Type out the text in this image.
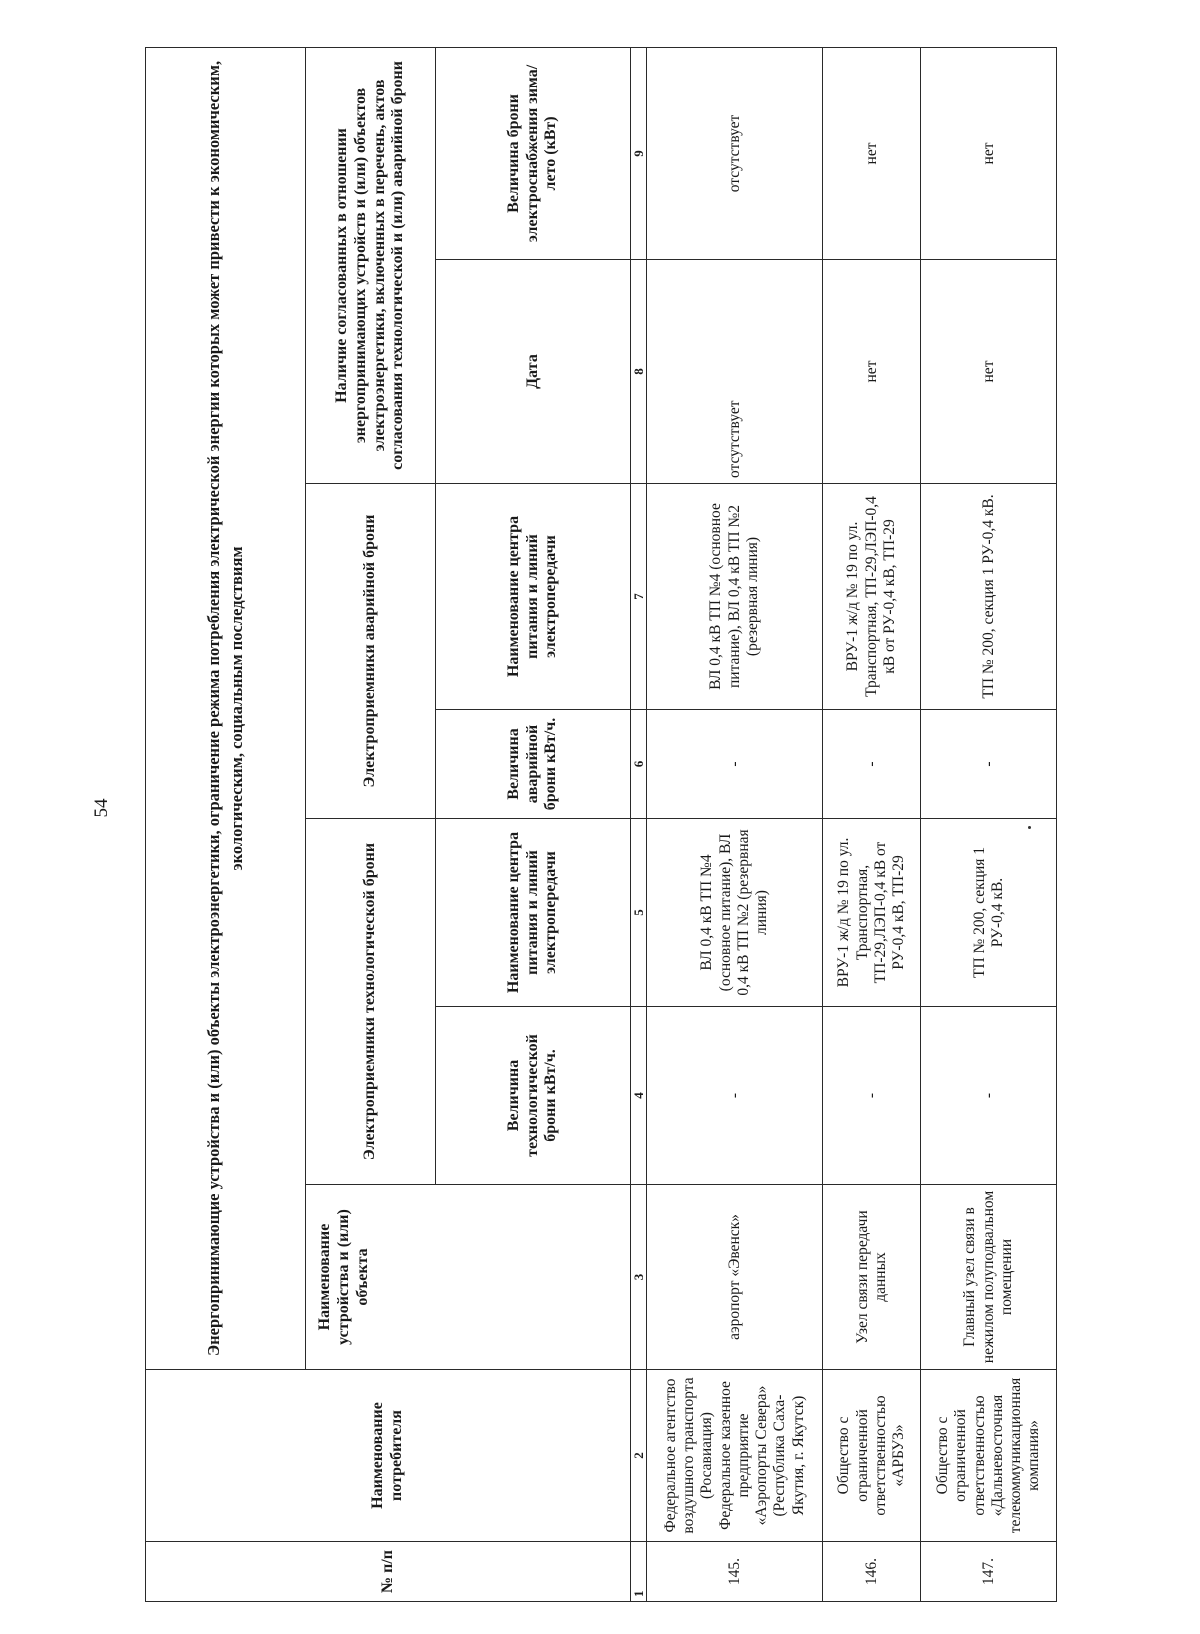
54
№ п/п	Наименование потребителя	Энергопринимающие устройства и (или) объекты электроэнергетики, ограничение режима потребления электрической энергии которых может привести к экономическим, экологическим, социальным последствиям						
		Наименование устройства и (или) объекта	Электроприемники технологической брони		Электроприемники аварийной брони		Наличие согласованных в отношении энергопринимающих устройств и (или) объектов электроэнергетики, включенных в перечень, актов согласования технологической и (или) аварийной брони	
			Величина технологической брони кВт/ч.	Наименование центра питания и линий электропередачи	Величина аварийной брони кВт/ч.	Наименование центра питания и линий электропередачи	Дата	Величина брони электроснабжения зима/лето (кВт)
1	2	3	4	5	6	7	8	9
145.	Федеральное агентство воздушного транспорта (Росавиация) Федеральное казенное предприятие «Аэропорты Севера» (Республика Саха-Якутия, г. Якутск)	аэропорт «Эвенск»	-	ВЛ 0,4 кВ ТП №4 (основное питание), ВЛ 0,4 кВ ТП №2 (резервная линия)	-	ВЛ 0,4 кВ ТП №4 (основное питание), ВЛ 0,4 кВ ТП №2 (резервная линия)	отсутствует	отсутствует
146.	Общество с ограниченной ответственностью «АРБУЗ»	Узел связи передачи данных	-	ВРУ-1 ж/д № 19 по ул. Транспортная, ТП-29,ЛЭП-0,4 кВ от РУ-0,4 кВ, ТП-29	-	ВРУ-1 ж/д № 19 по ул. Транспортная, ТП-29,ЛЭП-0,4 кВ от РУ-0,4 кВ, ТП-29	нет	нет
147.	Общество с ограниченной ответственностью «Дальневосточная телекоммуникационная компания»	Главный узел связи в нежилом полуподвальном помещении	-	ТП № 200, секция 1 РУ-0,4 кВ.	-	ТП № 200, секция 1 РУ-0,4 кВ.	нет	нет
